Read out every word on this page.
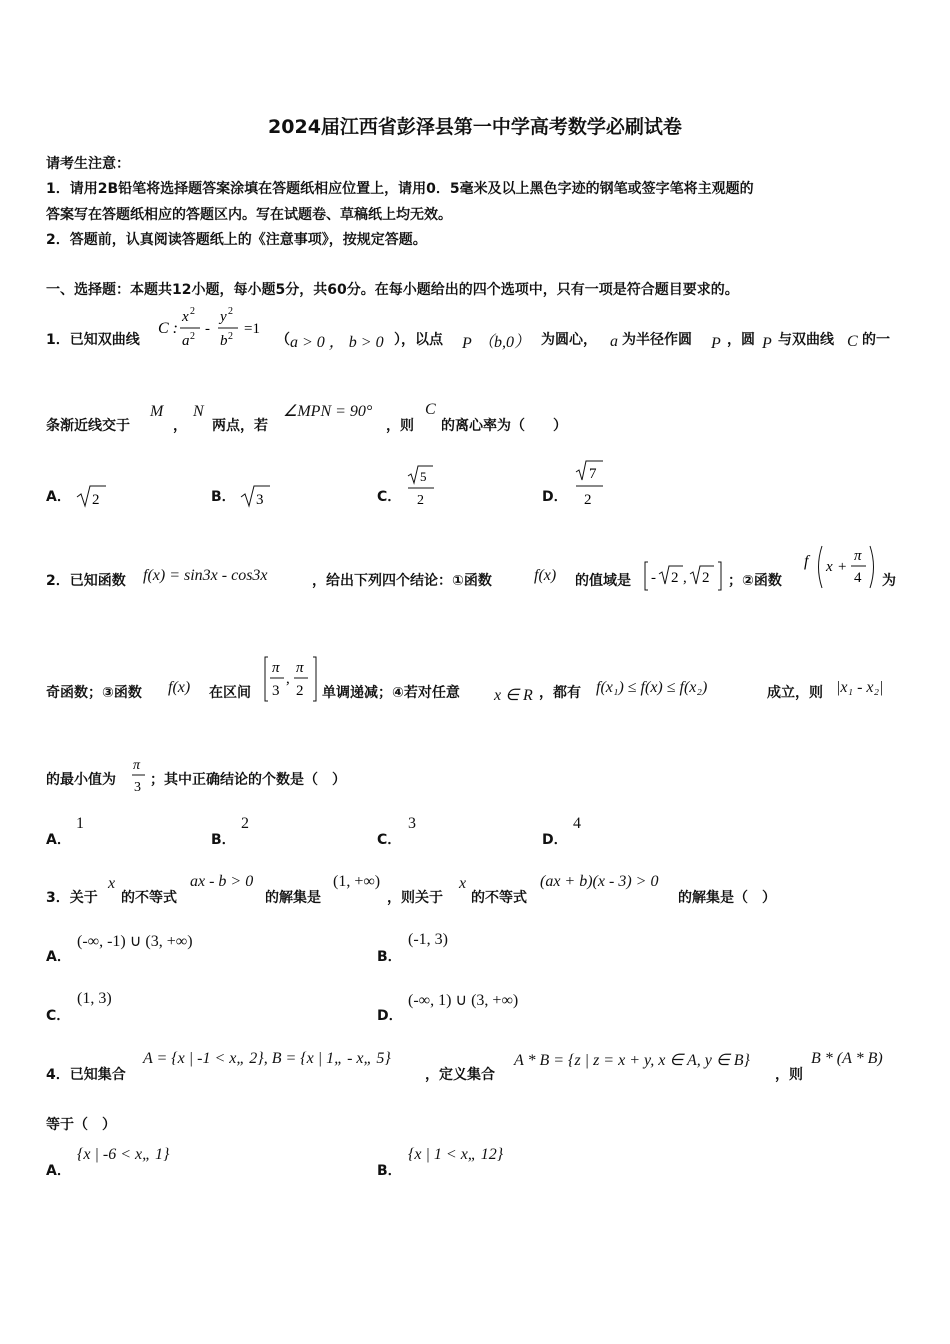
2024届江西省彭泽县第一中学高考数学必刷试卷
请考生注意：
1．请用2B铅笔将选择题答案涂填在答题纸相应位置上，请用0．5毫米及以上黑色字迹的钢笔或签字笔将主观题的
答案写在答题纸相应的答题区内。写在试题卷、草稿纸上均无效。
2．答题前，认真阅读答题纸上的《注意事项》，按规定答题。
一、选择题：本题共12小题，每小题5分，共60分。在每小题给出的四个选项中，只有一项是符合题目要求的。
1．已知双曲线
C :
x 2
a 2 -
y 2
b 2 =1
（ a > 0 ， b > 0 ），以点 P （b,0） 为圆心， a 为半径作圆 P ，圆 P 与双曲线 C 的一
条渐近线交于
M
，
N
两点，若
∠MPN = 90°
，则
C
的离心率为（　　）
A． 2	B． 3	C．
5
2	D．
7
2
2．已知函数 f(x) = sin3x - cos3x	，给出下列四个结论：①函数	f(x) 的值域是 - 2 , 2 ；②函数
f x +
π
4 为
奇函数；③函数 f(x) 在区间
π
3
,
π
2 单调递减；④若对任意 x ∈ R ，都有 f(x₁) ≤ f(x) ≤ f(x₂)	成立，则 |x₁ - x₂|
的最小值为
π
3 ；其中正确结论的个数是（　）
A．
1
B．
2
C．
3
D．
4
3．关于
x
的不等式
ax - b > 0
的解集是
(1, +∞)
，则关于
x
的不等式
(ax + b)(x - 3) > 0
的解集是（　）
A．
(-∞, -1) ∪ (3, +∞)
B．
(-1, 3)
C．
(1, 3)
D．
(-∞, 1) ∪ (3, +∞)
4．已知集合
A = {x | -1 < x„ 2}, B = {x | 1„ - x„ 5}
，定义集合
A * B = {z | z = x + y, x ∈ A, y ∈ B}
，则
B * (A * B)
等于（　）
A．
{x | -6 < x„ 1}
B．
{x | 1 < x„ 12}
